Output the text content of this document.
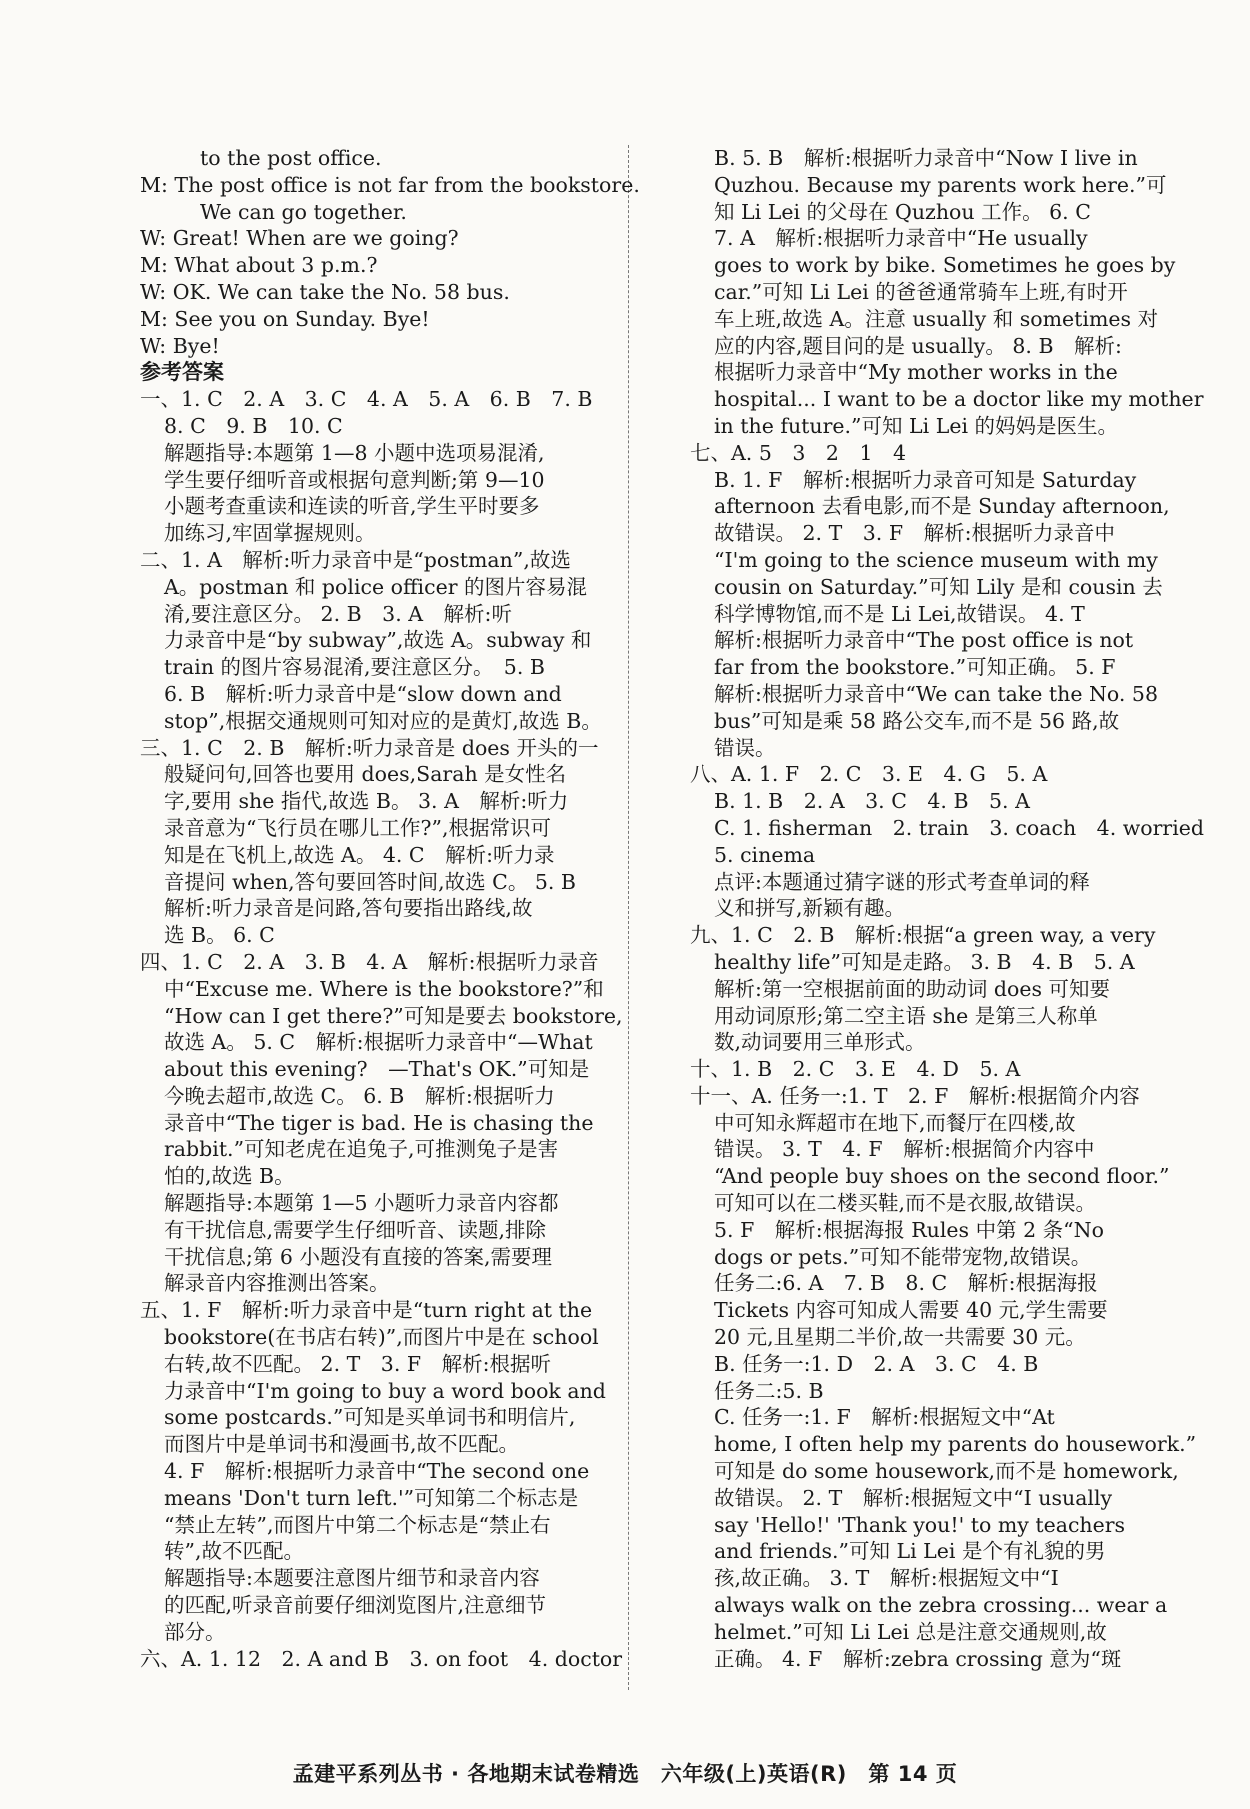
to the post office.
M: The post office is not far from the bookstore.
We can go together.
W: Great! When are we going?
M: What about 3 p.m.?
W: OK. We can take the No. 58 bus.
M: See you on Sunday. Bye!
W: Bye!
参考答案
一、1. C　2. A　3. C　4. A　5. A　6. B　7. B
8. C　9. B　10. C
解题指导:本题第 1—8 小题中选项易混淆,
学生要仔细听音或根据句意判断;第 9—10
小题考查重读和连读的听音,学生平时要多
加练习,牢固掌握规则。
二、1. A　解析:听力录音中是“postman”,故选
A。postman 和 police officer 的图片容易混
淆,要注意区分。 2. B　3. A　解析:听
力录音中是“by subway”,故选 A。subway 和
train 的图片容易混淆,要注意区分。　5. B
6. B　解析:听力录音中是“slow down and
stop”,根据交通规则可知对应的是黄灯,故选 B。
三、1. C　2. B　解析:听力录音是 does 开头的一
般疑问句,回答也要用 does,Sarah 是女性名
字,要用 she 指代,故选 B。 3. A　解析:听力
录音意为“飞行员在哪儿工作?”,根据常识可
知是在飞机上,故选 A。 4. C　解析:听力录
音提问 when,答句要回答时间,故选 C。 5. B
解析:听力录音是问路,答句要指出路线,故
选 B。 6. C
四、1. C　2. A　3. B　4. A　解析:根据听力录音
中“Excuse me. Where is the bookstore?”和
“How can I get there?”可知是要去 bookstore,
故选 A。 5. C　解析:根据听力录音中“—What
about this evening?　—That's OK.”可知是
今晚去超市,故选 C。 6. B　解析:根据听力
录音中“The tiger is bad. He is chasing the
rabbit.”可知老虎在追兔子,可推测兔子是害
怕的,故选 B。
解题指导:本题第 1—5 小题听力录音内容都
有干扰信息,需要学生仔细听音、读题,排除
干扰信息;第 6 小题没有直接的答案,需要理
解录音内容推测出答案。
五、1. F　解析:听力录音中是“turn right at the
bookstore(在书店右转)”,而图片中是在 school
右转,故不匹配。 2. T　3. F　解析:根据听
力录音中“I'm going to buy a word book and
some postcards.”可知是买单词书和明信片,
而图片中是单词书和漫画书,故不匹配。
4. F　解析:根据听力录音中“The second one
means 'Don't turn left.'”可知第二个标志是
“禁止左转”,而图片中第二个标志是“禁止右
转”,故不匹配。
解题指导:本题要注意图片细节和录音内容
的匹配,听录音前要仔细浏览图片,注意细节
部分。
六、A. 1. 12　2. A and B　3. on foot　4. doctor
B. 5. B　解析:根据听力录音中“Now I live in
Quzhou. Because my parents work here.”可
知 Li Lei 的父母在 Quzhou 工作。 6. C
7. A　解析:根据听力录音中“He usually
goes to work by bike. Sometimes he goes by
car.”可知 Li Lei 的爸爸通常骑车上班,有时开
车上班,故选 A。注意 usually 和 sometimes 对
应的内容,题目问的是 usually。 8. B　解析:
根据听力录音中“My mother works in the
hospital... I want to be a doctor like my mother
in the future.”可知 Li Lei 的妈妈是医生。
七、A. 5　3　2　1　4
B. 1. F　解析:根据听力录音可知是 Saturday
afternoon 去看电影,而不是 Sunday afternoon,
故错误。 2. T　3. F　解析:根据听力录音中
“I'm going to the science museum with my
cousin on Saturday.”可知 Lily 是和 cousin 去
科学博物馆,而不是 Li Lei,故错误。 4. T
解析:根据听力录音中“The post office is not
far from the bookstore.”可知正确。 5. F
解析:根据听力录音中“We can take the No. 58
bus”可知是乘 58 路公交车,而不是 56 路,故
错误。
八、A. 1. F　2. C　3. E　4. G　5. A
B. 1. B　2. A　3. C　4. B　5. A
C. 1. fisherman　2. train　3. coach　4. worried
5. cinema
点评:本题通过猜字谜的形式考查单词的释
义和拼写,新颖有趣。
九、1. C　2. B　解析:根据“a green way, a very
healthy life”可知是走路。 3. B　4. B　5. A
解析:第一空根据前面的助动词 does 可知要
用动词原形;第二空主语 she 是第三人称单
数,动词要用三单形式。
十、1. B　2. C　3. E　4. D　5. A
十一、A. 任务一:1. T　2. F　解析:根据简介内容
中可知永辉超市在地下,而餐厅在四楼,故
错误。 3. T　4. F　解析:根据简介内容中
“And people buy shoes on the second floor.”
可知可以在二楼买鞋,而不是衣服,故错误。
5. F　解析:根据海报 Rules 中第 2 条“No
dogs or pets.”可知不能带宠物,故错误。
任务二:6. A　7. B　8. C　解析:根据海报
Tickets 内容可知成人需要 40 元,学生需要
20 元,且星期二半价,故一共需要 30 元。
B. 任务一:1. D　2. A　3. C　4. B
任务二:5. B
C. 任务一:1. F　解析:根据短文中“At
home, I often help my parents do housework.”
可知是 do some housework,而不是 homework,
故错误。 2. T　解析:根据短文中“I usually
say 'Hello!' 'Thank you!' to my teachers
and friends.”可知 Li Lei 是个有礼貌的男
孩,故正确。 3. T　解析:根据短文中“I
always walk on the zebra crossing... wear a
helmet.”可知 Li Lei 总是注意交通规则,故
正确。 4. F　解析:zebra crossing 意为“斑
孟建平系列丛书 · 各地期末试卷精选　六年级(上)英语(R)　第 14 页
